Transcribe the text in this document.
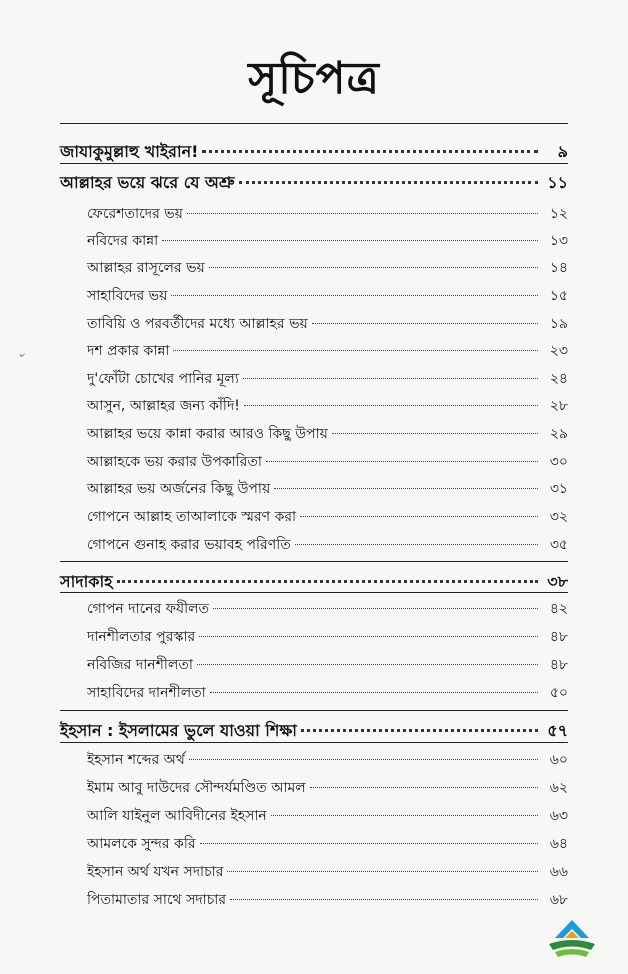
সূচিপত্র
৺
জাযাকুমুল্লাহু খাইরান!	৯
আল্লাহর ভয়ে ঝরে যে অশ্রু	১১
ফেরেশতাদের ভয়	১২
নবিদের কান্না	১৩
আল্লাহর রাসূলের ভয়	১৪
সাহাবিদের ভয়	১৫
তাবিয়ি ও পরবর্তীদের মধ্যে আল্লাহর ভয়	১৯
দশ প্রকার কান্না	২৩
দু'ফোঁটা চোখের পানির মূল্য	২৪
আসুন, আল্লাহর জন্য কাঁদি!	২৮
আল্লাহর ভয়ে কান্না করার আরও কিছু উপায়	২৯
আল্লাহকে ভয় করার উপকারিতা	৩০
আল্লাহর ভয় অর্জনের কিছু উপায়	৩১
গোপনে আল্লাহ তাআলাকে স্মরণ করা	৩২
গোপনে গুনাহ করার ভয়াবহ পরিণতি	৩৫
সাদাকাহ	৩৮
গোপন দানের ফযীলত	৪২
দানশীলতার পুরস্কার	৪৮
নবিজির দানশীলতা	৪৮
সাহাবিদের দানশীলতা	৫০
ইহসান : ইসলামের ভুলে যাওয়া শিক্ষা	৫৭
ইহসান শব্দের অর্থ	৬০
ইমাম আবু দাউদের সৌন্দর্যমণ্ডিত আমল	৬২
আলি যাইনুল আবিদীনের ইহসান	৬৩
আমলকে সুন্দর করি	৬৪
ইহসান অর্থ যখন সদাচার	৬৬
পিতামাতার সাথে সদাচার	৬৮
